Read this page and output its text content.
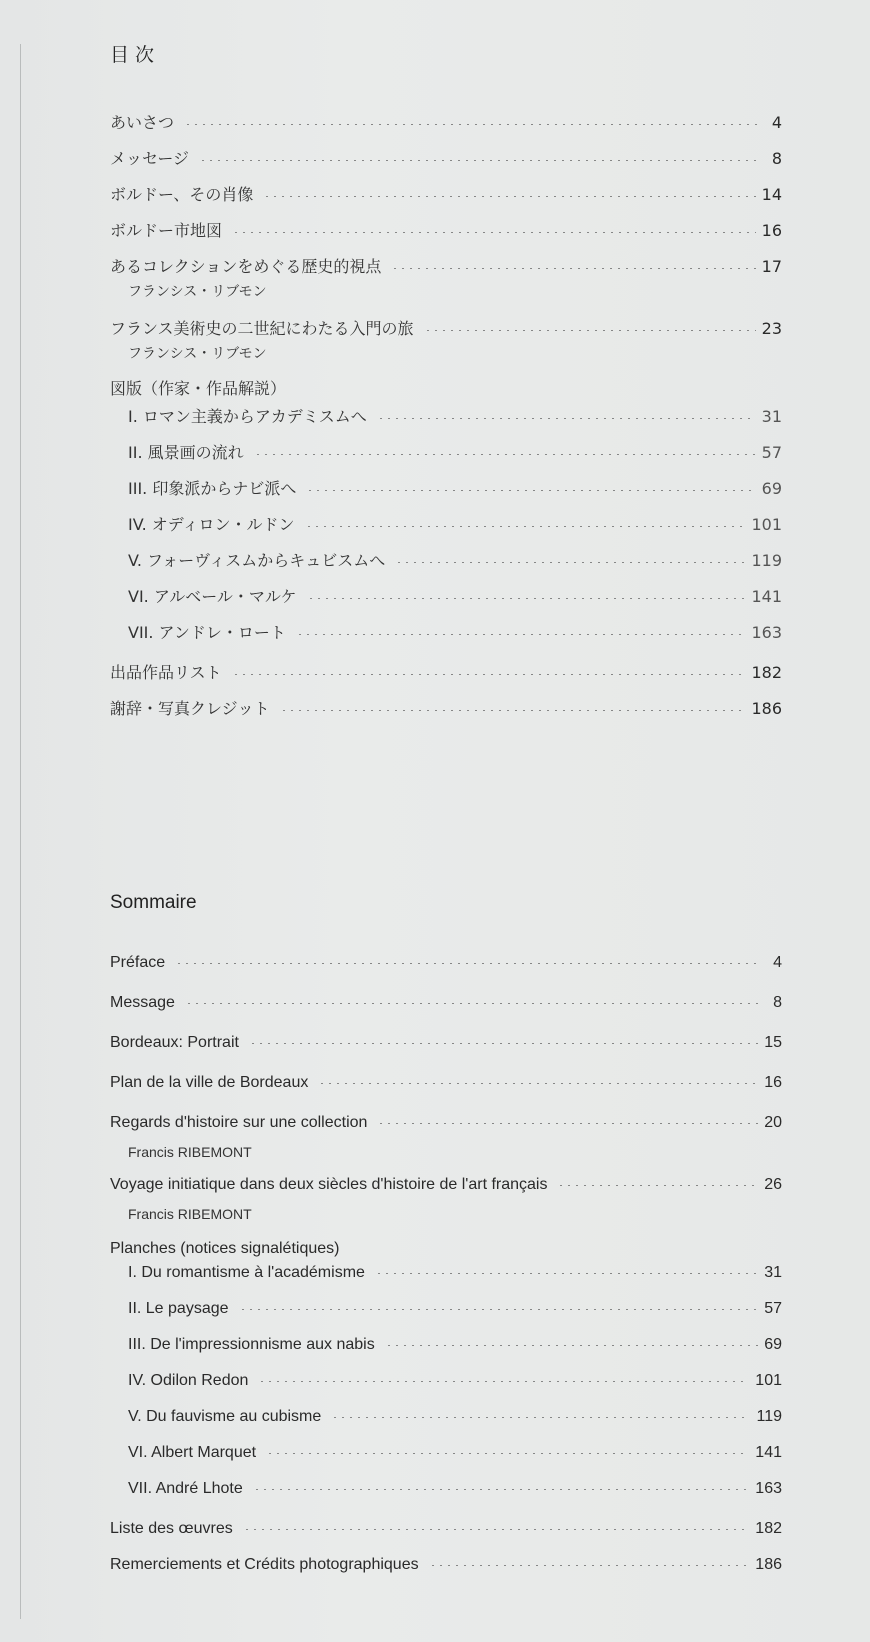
目次
あいさつ	4
メッセージ	8
ボルドー、その肖像	14
ボルドー市地図	16
あるコレクションをめぐる歴史的視点	17
フランシス・リブモン
フランス美術史の二世紀にわたる入門の旅	23
フランシス・リブモン
図版（作家・作品解説）
I. ロマン主義からアカデミスムへ	31
II. 風景画の流れ	57
III. 印象派からナビ派へ	69
IV. オディロン・ルドン	101
V. フォーヴィスムからキュビスムへ	119
VI. アルベール・マルケ	141
VII. アンドレ・ロート	163
出品作品リスト	182
謝辞・写真クレジット	186
Sommaire
Préface	4
Message	8
Bordeaux: Portrait	15
Plan de la ville de Bordeaux	16
Regards d'histoire sur une collection	20
Francis RIBEMONT
Voyage initiatique dans deux siècles d'histoire de l'art français	26
Francis RIBEMONT
Planches (notices signalétiques)
I. Du romantisme à l'académisme	31
II. Le paysage	57
III. De l'impressionnisme aux nabis	69
IV. Odilon Redon	101
V. Du fauvisme au cubisme	119
VI. Albert Marquet	141
VII. André Lhote	163
Liste des œuvres	182
Remerciements et Crédits photographiques	186
